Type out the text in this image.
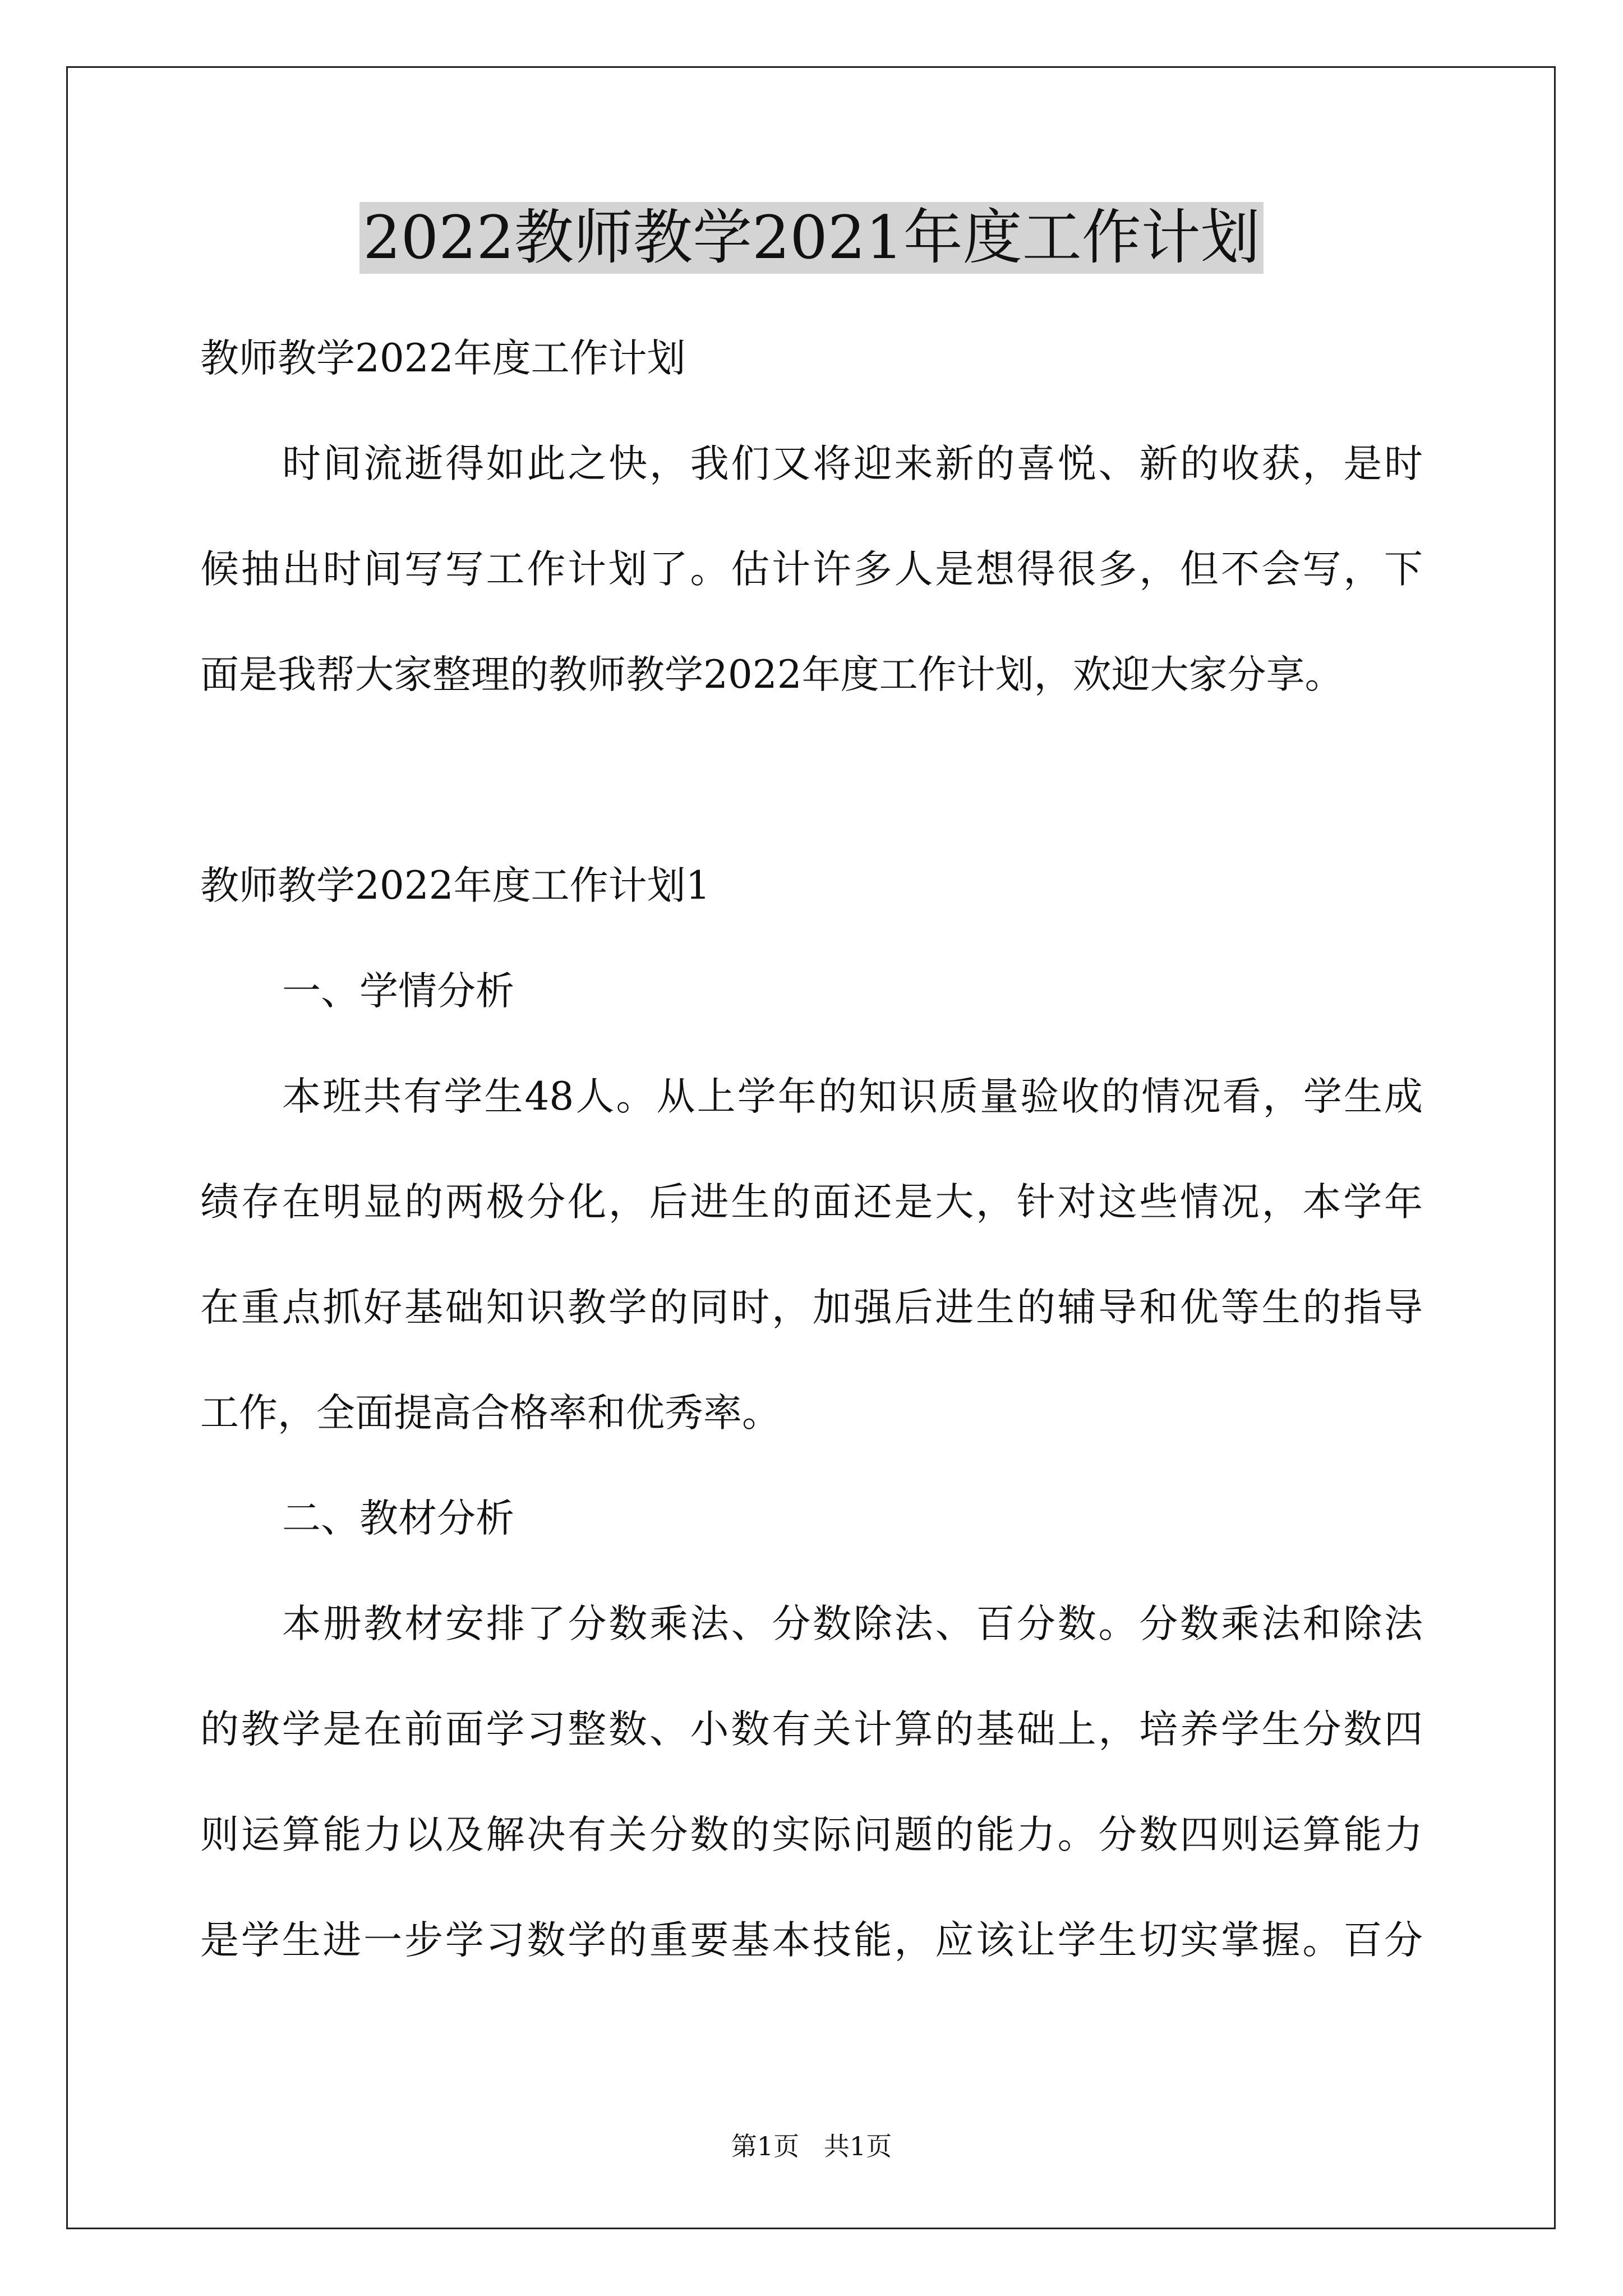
2022教师教学2021年度工作计划
教师教学2022年度工作计划
时间流逝得如此之快，我们又将迎来新的喜悦、新的收获，是时
候抽出时间写写工作计划了。估计许多人是想得很多，但不会写，下
面是我帮大家整理的教师教学2022年度工作计划，欢迎大家分享。
教师教学2022年度工作计划1
一、学情分析
本班共有学生48人。从上学年的知识质量验收的情况看，学生成
绩存在明显的两极分化，后进生的面还是大，针对这些情况，本学年
在重点抓好基础知识教学的同时，加强后进生的辅导和优等生的指导
工作，全面提高合格率和优秀率。
二、教材分析
本册教材安排了分数乘法、分数除法、百分数。分数乘法和除法
的教学是在前面学习整数、小数有关计算的基础上，培养学生分数四
则运算能力以及解决有关分数的实际问题的能力。分数四则运算能力
是学生进一步学习数学的重要基本技能，应该让学生切实掌握。百分
第1页   共1页
